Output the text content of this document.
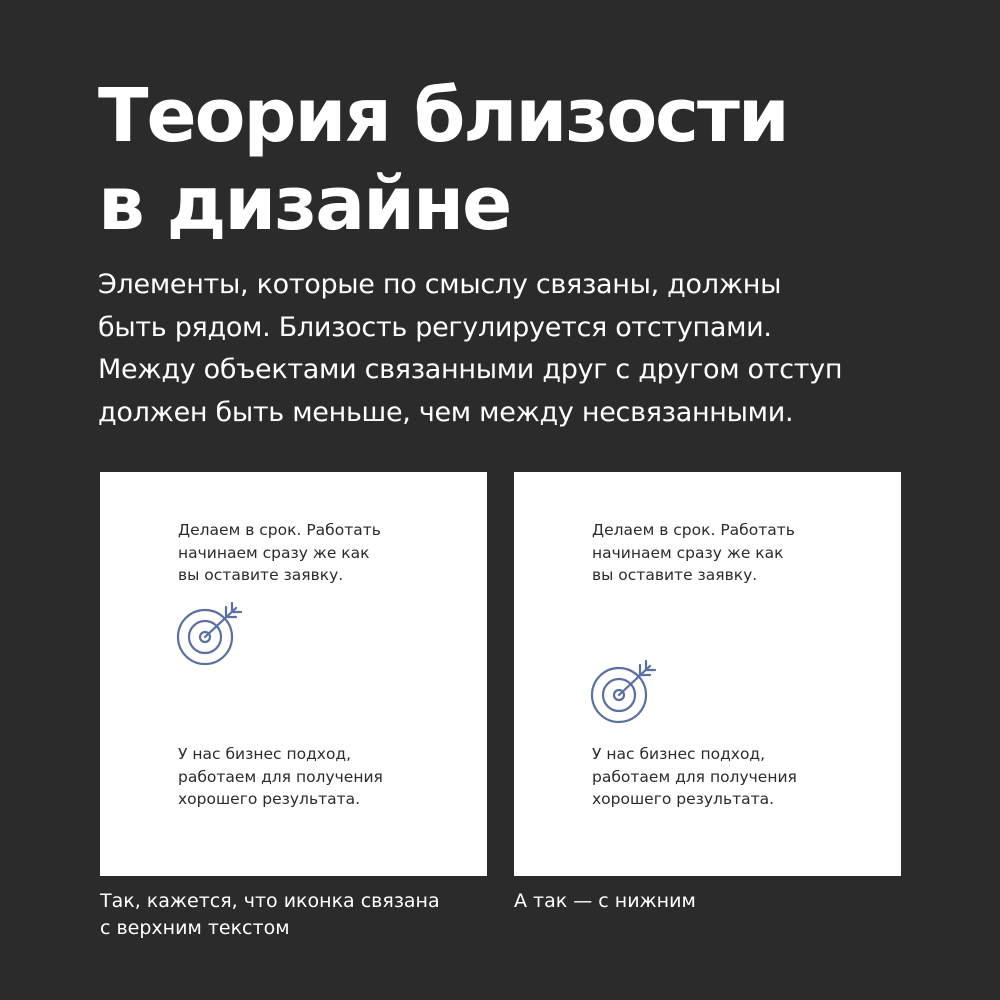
Теория близости
в дизайне
Элементы, которые по смыслу связаны, должны
быть рядом. Близость регулируется отступами.
Между объектами связанными друг с другом отступ
должен быть меньше, чем между несвязанными.
Делаем в срок. Работать
начинаем сразу же как
вы оставите заявку.
У нас бизнес подход,
работаем для получения
хорошего результата.
Делаем в срок. Работать
начинаем сразу же как
вы оставите заявку.
У нас бизнес подход,
работаем для получения
хорошего результата.
Так, кажется, что иконка связана
с верхним текстом
А так — с нижним
